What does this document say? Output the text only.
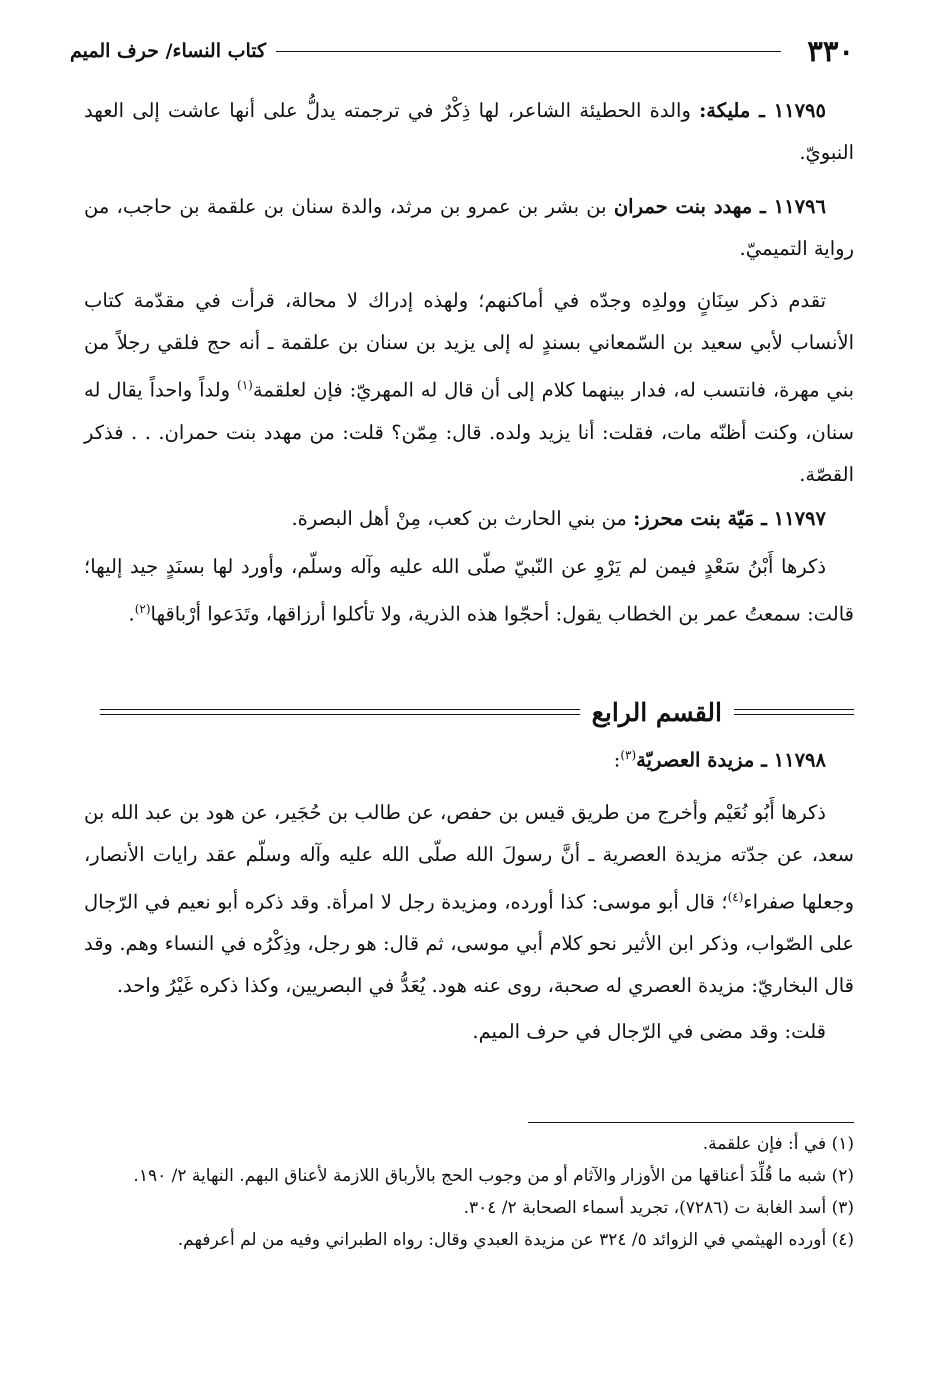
٣٣٠
كتاب النساء/ حرف الميم

١١٧٩٥ ـ مليكة: والدة الحطيئة الشاعر، لها ذِكْرٌ في ترجمته يدلُّ على أنها عاشت إلى العهد النبويّ.

١١٧٩٦ ـ مهدد بنت حمران بن بشر بن عمرو بن مرثد، والدة سنان بن علقمة بن حاجب، من رواية التميميّ.

تقدم ذكر سِنَانٍ وولدِه وجدّه في أماكنهم؛ ولهذه إدراك لا محالة، قرأت في مقدّمة كتاب الأنساب لأبي سعيد بن السّمعاني بسندٍ له إلى يزيد بن سنان بن علقمة ـ أنه حج فلقي رجلاً من بني مهرة، فانتسب له، فدار بينهما كلام إلى أن قال له المهريّ: فإن لعلقمة$^{(١)}$ ولداً واحداً يقال له سنان، وكنت أظنّه مات، فقلت: أنا يزيد ولده. قال: مِمّن؟ قلت: من مهدد بنت حمران. . . فذكر القصّة.

١١٧٩٧ ـ مَيّة بنت محرز: من بني الحارث بن كعب، مِنْ أهل البصرة.

ذكرها أَبْنُ سَعْدٍ فيمن لم يَرْوِ عن النّبيّ صلّى الله عليه وآله وسلّم، وأورد لها بسنَدٍ جيد إليها؛ قالت: سمعتُ عمر بن الخطاب يقول: أحجّوا هذه الذرية، ولا تأكلوا أرزاقها، وتَدَعوا أرْباقها$^{(٢)}$.

القسم الرابع

١١٧٩٨ ـ مزيدة العصريّة$^{(٣)}$:

ذكرها أَبُو نُعَيْم وأخرج من طريق قيس بن حفص، عن طالب بن حُجَير، عن هود بن عبد الله بن سعد، عن جدّته مزيدة العصرية ـ أنَّ رسولَ الله صلّى الله عليه وآله وسلّم عقد رايات الأنصار، وجعلها صفراء$^{(٤)}$؛ قال أبو موسى: كذا أورده، ومزيدة رجل لا امرأة. وقد ذكره أبو نعيم في الرّجال على الصّواب، وذكر ابن الأثير نحو كلام أبي موسى، ثم قال: هو رجل، وذِكْرُه في النساء وهم. وقد قال البخاريّ: مزيدة العصري له صحبة، روى عنه هود. يُعَدُّ في البصريين، وكذا ذكره غَيْرُ واحد.

قلت: وقد مضى في الرّجال في حرف الميم.

(١) في أ: فإن علقمة.

(٢) شبه ما قُلِّدَ أعناقها من الأوزار والآثام أو من وجوب الحج بالأرباق اللازمة لأعناق البهم. النهاية ٢/ ١٩٠.

(٣) أسد الغابة ت (٧٢٨٦)، تجريد أسماء الصحابة ٢/ ٣٠٤.

(٤) أورده الهيثمي في الزوائد ٥/ ٣٢٤ عن مزيدة العبدي وقال: رواه الطبراني وفيه من لم أعرفهم.
